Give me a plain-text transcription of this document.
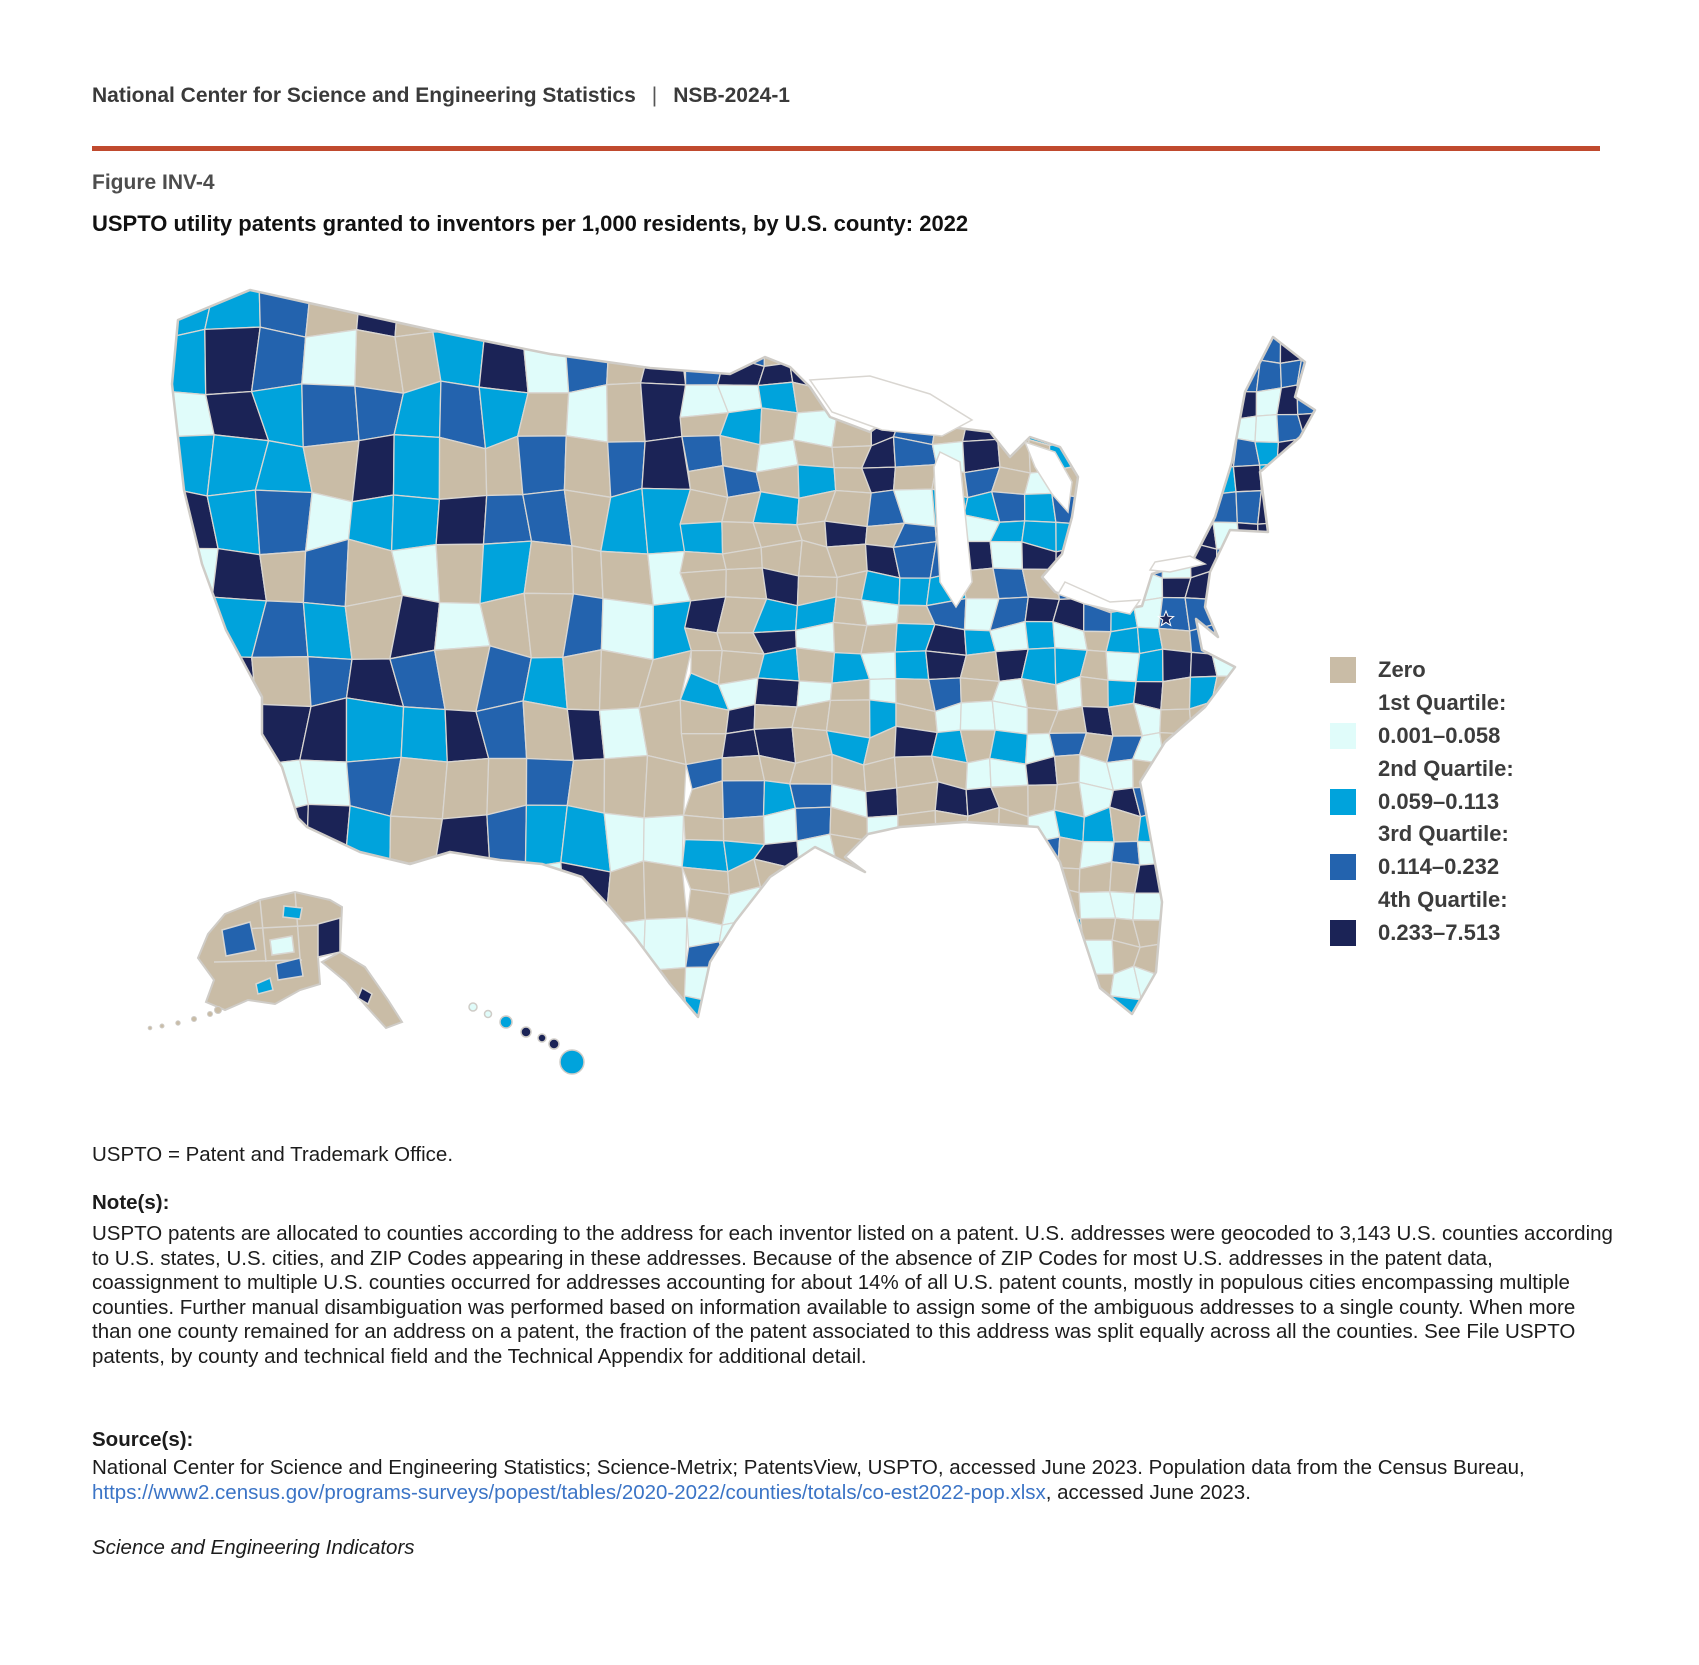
National Center for Science and Engineering Statistics | NSB-2024-1
Figure INV-4
USPTO utility patents granted to inventors per 1,000 residents, by U.S. county: 2022
Zero
1st Quartile:
0.001–0.058
2nd Quartile:
0.059–0.113
3rd Quartile:
0.114–0.232
4th Quartile:
0.233–7.513
USPTO = Patent and Trademark Office.
Note(s):
USPTO patents are allocated to counties according to the address for each inventor listed on a patent. U.S. addresses were geocoded to 3,143 U.S. counties according to U.S. states, U.S. cities, and ZIP Codes appearing in these addresses. Because of the absence of ZIP Codes for most U.S. addresses in the patent data, coassignment to multiple U.S. counties occurred for addresses accounting for about 14% of all U.S. patent counts, mostly in populous cities encompassing multiple counties. Further manual disambiguation was performed based on information available to assign some of the ambiguous addresses to a single county. When more than one county remained for an address on a patent, the fraction of the patent associated to this address was split equally across all the counties. See File USPTO patents, by county and technical field and the Technical Appendix for additional detail.
Source(s):
National Center for Science and Engineering Statistics; Science-Metrix; PatentsView, USPTO, accessed June 2023. Population data from the Census Bureau, https://www2.census.gov/programs-surveys/popest/tables/2020-2022/counties/totals/co-est2022-pop.xlsx, accessed June 2023.
Science and Engineering Indicators
